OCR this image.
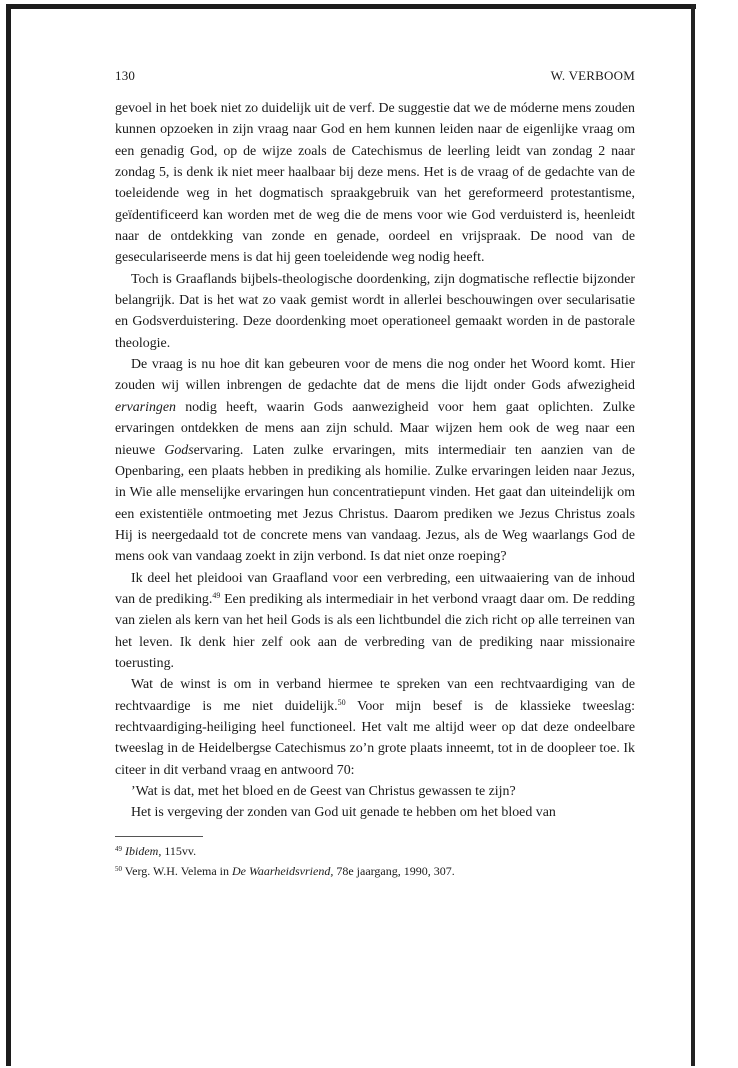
130	W. VERBOOM

gevoel in het boek niet zo duidelijk uit de verf. De suggestie dat we de móderne mens zouden kunnen opzoeken in zijn vraag naar God en hem kunnen leiden naar de eigenlijke vraag om een genadig God, op de wijze zoals de Catechismus de leerling leidt van zondag 2 naar zondag 5, is denk ik niet meer haalbaar bij deze mens. Het is de vraag of de gedachte van de toeleidende weg in het dogmatisch spraakgebruik van het gereformeerd protestantisme, geïdentificeerd kan worden met de weg die de mens voor wie God verduisterd is, heenleidt naar de ontdekking van zonde en genade, oordeel en vrijspraak. De nood van de geseculariseerde mens is dat hij geen toeleidende weg nodig heeft.

Toch is Graaflands bijbels-theologische doordenking, zijn dogmatische reflectie bijzonder belangrijk. Dat is het wat zo vaak gemist wordt in allerlei beschouwingen over secularisatie en Godsverduistering. Deze doordenking moet operationeel gemaakt worden in de pastorale theologie.

De vraag is nu hoe dit kan gebeuren voor de mens die nog onder het Woord komt. Hier zouden wij willen inbrengen de gedachte dat de mens die lijdt onder Gods afwezigheid ervaringen nodig heeft, waarin Gods aanwezigheid voor hem gaat oplichten. Zulke ervaringen ontdekken de mens aan zijn schuld. Maar wijzen hem ook de weg naar een nieuwe Godservaring. Laten zulke ervaringen, mits intermediair ten aanzien van de Openbaring, een plaats hebben in prediking als homilie. Zulke ervaringen leiden naar Jezus, in Wie alle menselijke ervaringen hun concentratiepunt vinden. Het gaat dan uiteindelijk om een existentiële ontmoeting met Jezus Christus. Daarom prediken we Jezus Christus zoals Hij is neergedaald tot de concrete mens van vandaag. Jezus, als de Weg waarlangs God de mens ook van vandaag zoekt in zijn verbond. Is dat niet onze roeping?

Ik deel het pleidooi van Graafland voor een verbreding, een uitwaaiering van de inhoud van de prediking.$^{49}$ Een prediking als intermediair in het verbond vraagt daar om. De redding van zielen als kern van het heil Gods is als een lichtbundel die zich richt op alle terreinen van het leven. Ik denk hier zelf ook aan de verbreding van de prediking naar missionaire toerusting.

Wat de winst is om in verband hiermee te spreken van een rechtvaardiging van de rechtvaardige is me niet duidelijk.$^{50}$ Voor mijn besef is de klassieke tweeslag: rechtvaardiging-heiliging heel functioneel. Het valt me altijd weer op dat deze ondeelbare tweeslag in de Heidelbergse Catechismus zo’n grote plaats inneemt, tot in de doopleer toe. Ik citeer in dit verband vraag en antwoord 70:

’Wat is dat, met het bloed en de Geest van Christus gewassen te zijn?

Het is vergeving der zonden van God uit genade te hebben om het bloed van

$^{49}$ Ibidem, 115vv.

$^{50}$ Verg. W.H. Velema in De Waarheidsvriend, 78e jaargang, 1990, 307.
